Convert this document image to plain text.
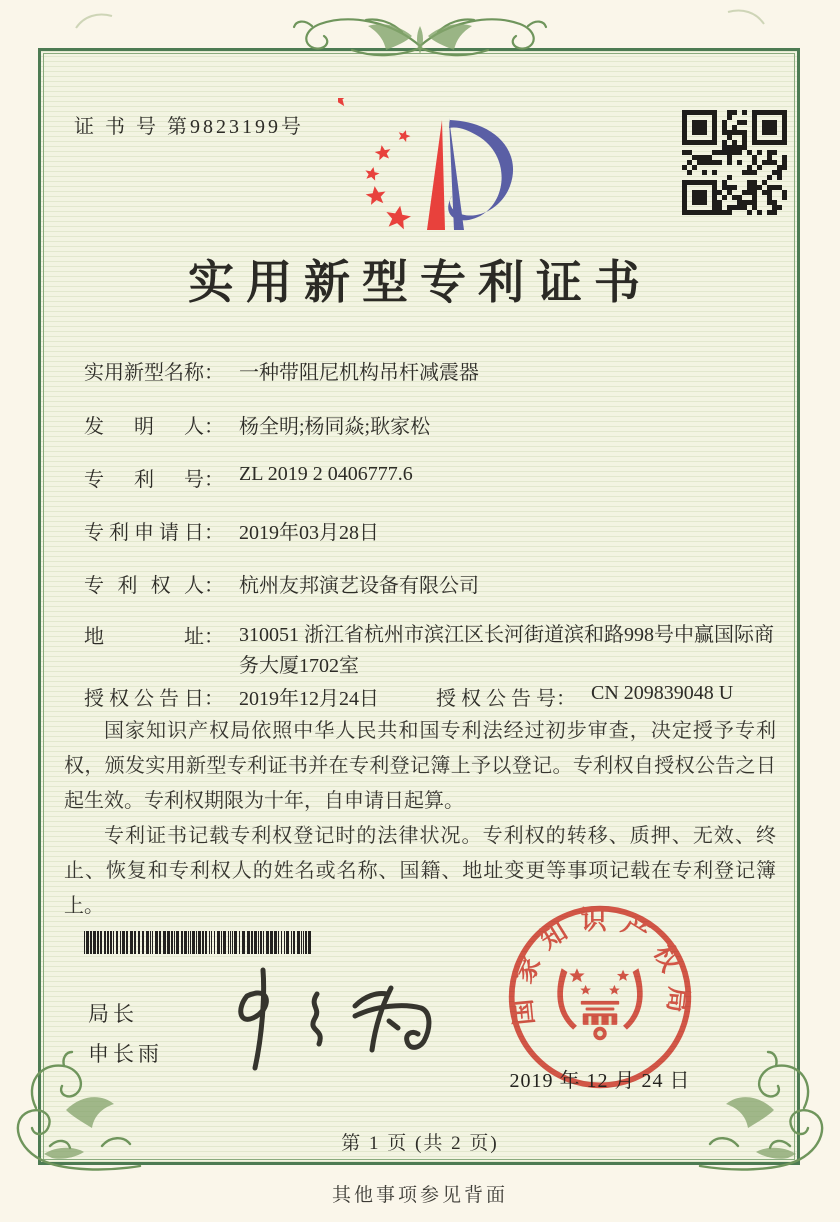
证 书 号 第9823199号
实用新型专利证书
实用新型名称： 一种带阻尼机构吊杆减震器
发明人： 杨全明;杨同焱;耿家松
专利号： ZL 2019 2 0406777.6
专利申请日： 2019年03月28日
专利权人： 杭州友邦演艺设备有限公司
地址： 310051 浙江省杭州市滨江区长河街道滨和路998号中赢国际商务大厦1702室
授权公告日： 2019年12月24日	授权公告号： CN 209839048 U

国家知识产权局依照中华人民共和国专利法经过初步审查，决定授予专利权，颁发实用新型专利证书并在专利登记簿上予以登记。专利权自授权公告之日起生效。专利权期限为十年，自申请日起算。

专利证书记载专利权登记时的法律状况。专利权的转移、质押、无效、终止、恢复和专利权人的姓名或名称、国籍、地址变更等事项记载在专利登记簿上。

局长
申长雨
国家知识产权局
2019 年 12 月 24 日
第 1 页 (共 2 页)
其他事项参见背面
